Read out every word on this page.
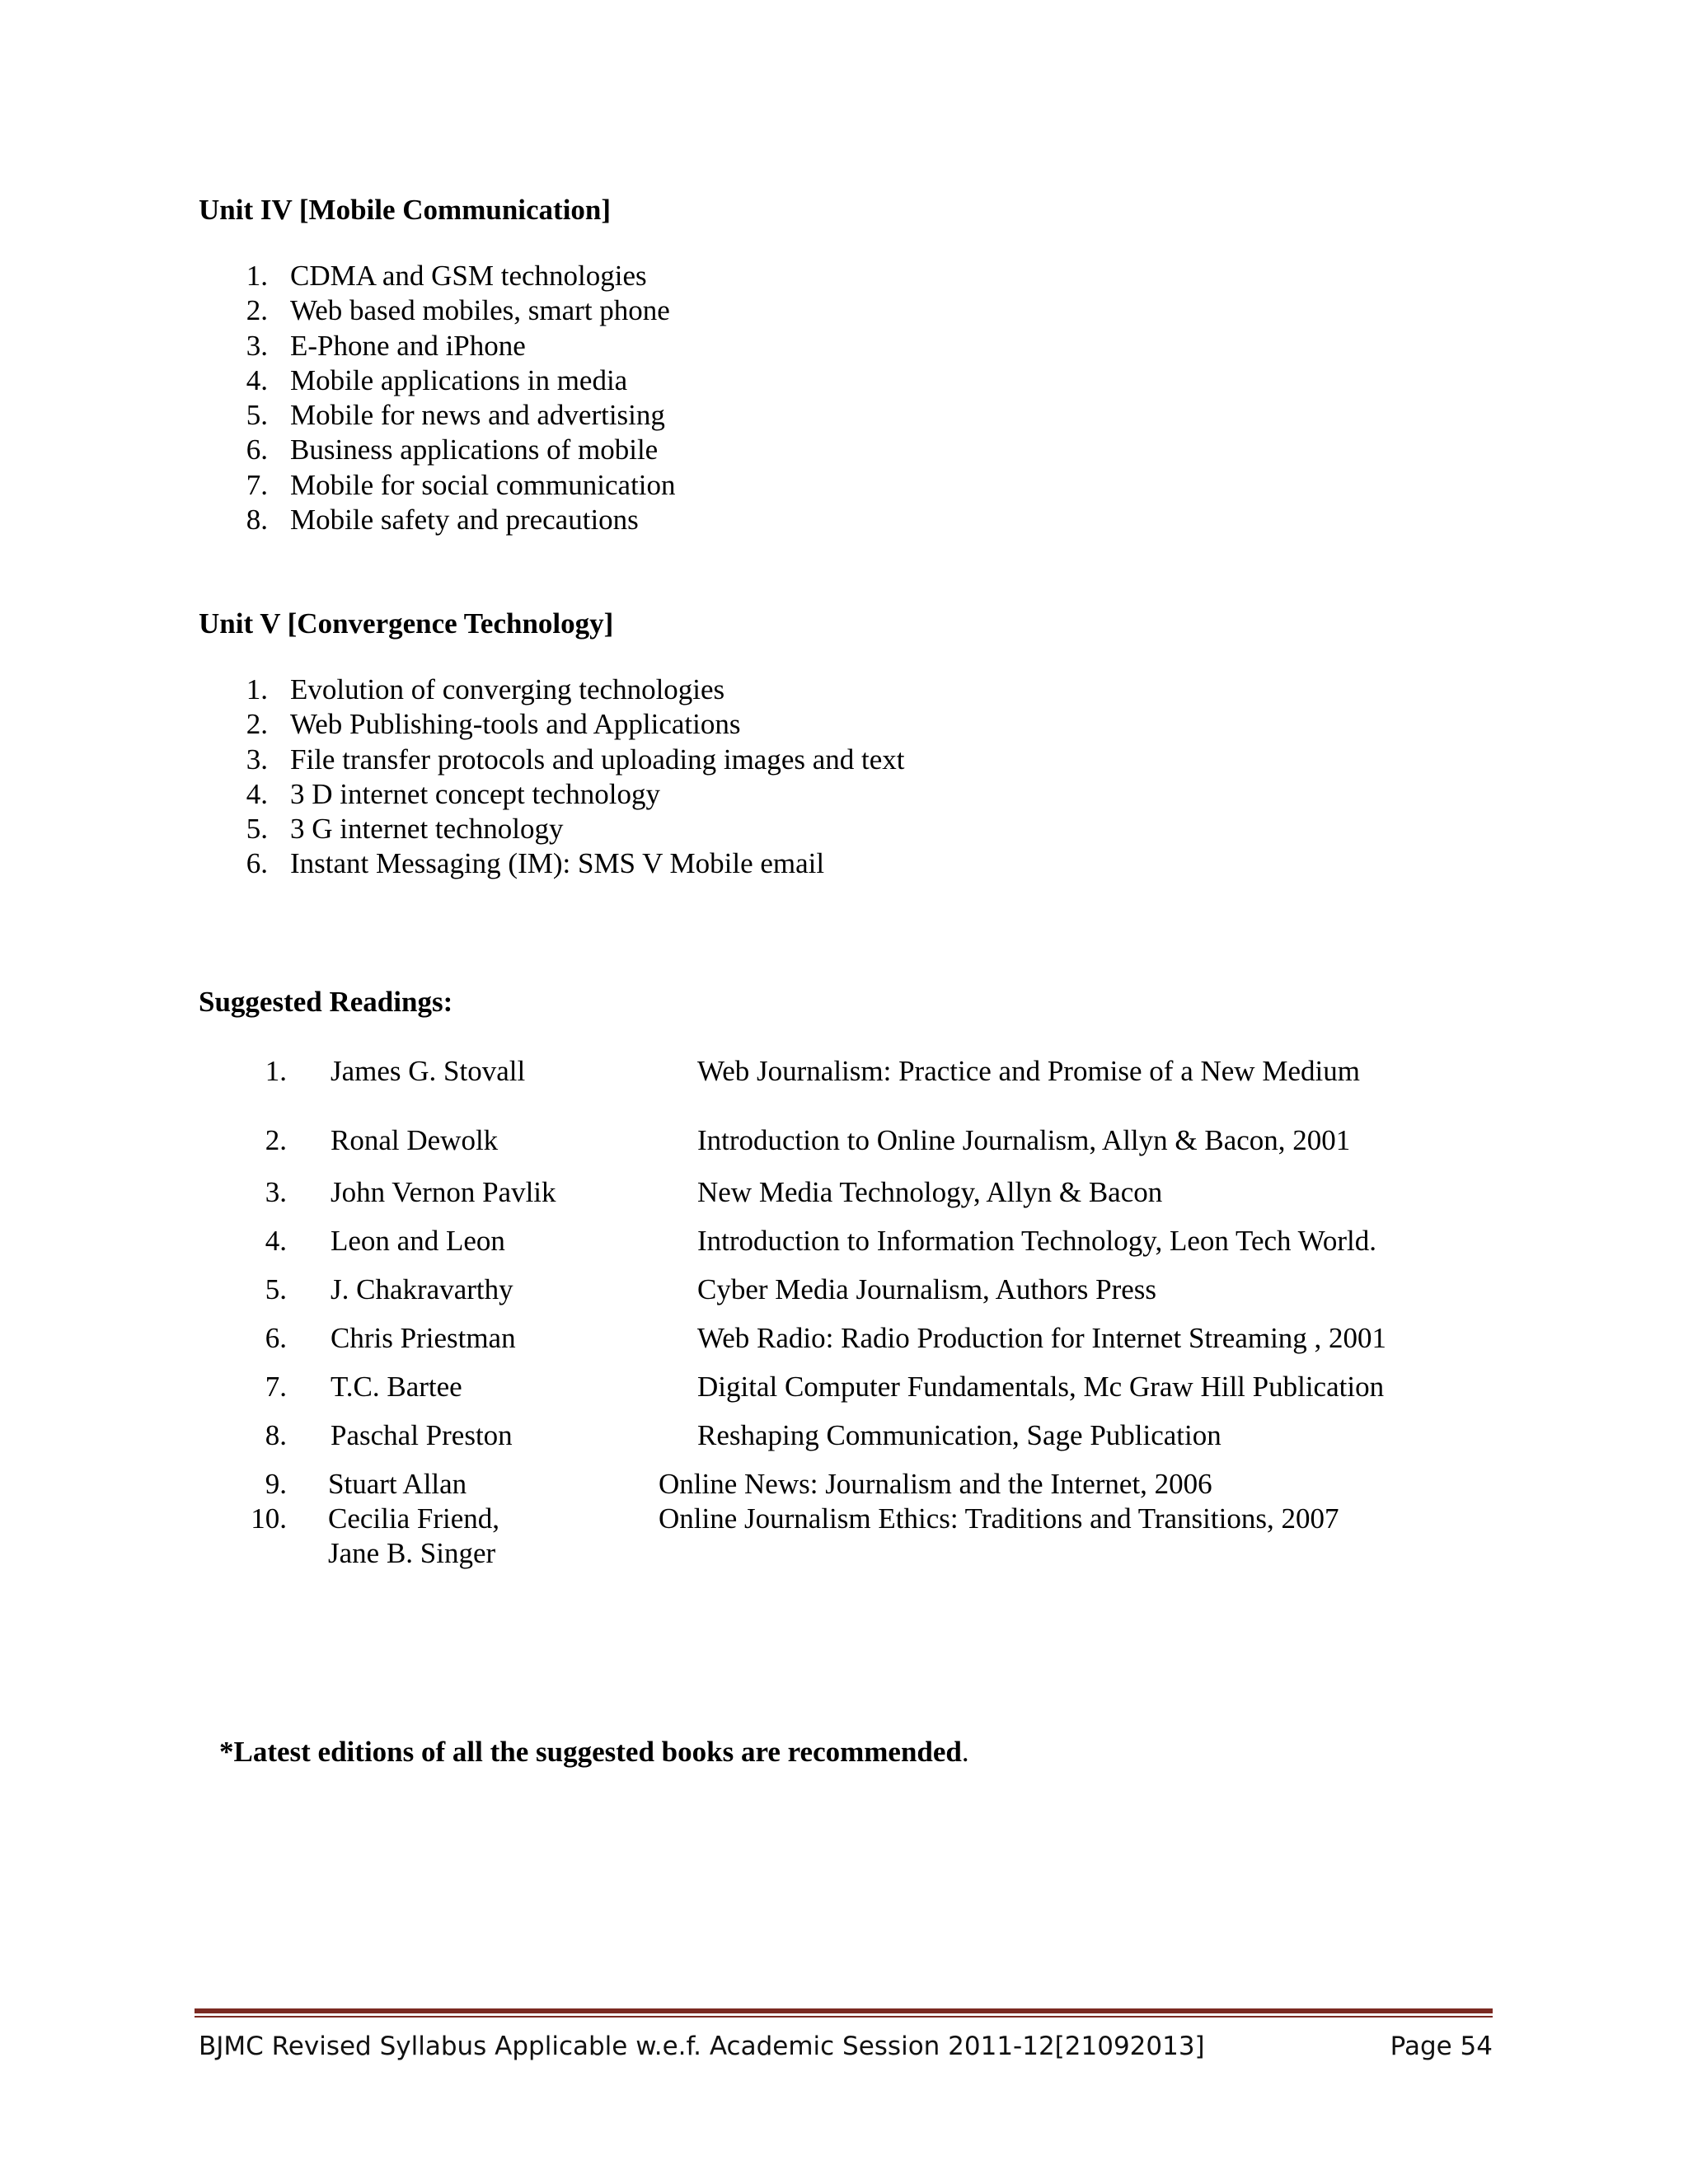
Unit IV [Mobile Communication]
1. CDMA and GSM technologies
2. Web based mobiles, smart phone
3. E-Phone and iPhone
4. Mobile applications in media
5. Mobile for news and advertising
6. Business applications of mobile
7. Mobile for social communication
8. Mobile safety and precautions
Unit V [Convergence Technology]
1. Evolution of converging technologies
2. Web Publishing-tools and Applications
3. File transfer protocols and uploading images and text
4. 3 D internet concept technology
5. 3 G internet technology
6. Instant Messaging (IM): SMS V Mobile email
Suggested Readings:
1. James G. Stovall	Web Journalism: Practice and Promise of a New Medium
2. Ronal Dewolk	Introduction to Online Journalism, Allyn & Bacon, 2001
3. John Vernon Pavlik	New Media Technology, Allyn & Bacon
4. Leon and Leon	Introduction to Information Technology, Leon Tech World.
5. J. Chakravarthy	Cyber Media Journalism, Authors Press
6. Chris Priestman	Web Radio: Radio Production for Internet Streaming , 2001
7. T.C. Bartee	Digital Computer Fundamentals, Mc Graw Hill Publication
8. Paschal Preston	Reshaping Communication, Sage Publication
9. Stuart Allan	Online News: Journalism and the Internet, 2006
10. Cecilia Friend,	Online Journalism Ethics: Traditions and Transitions, 2007
Jane B. Singer
*Latest editions of all the suggested books are recommended.
BJMC Revised Syllabus Applicable w.e.f. Academic Session 2011-12[21092013]	Page 54
